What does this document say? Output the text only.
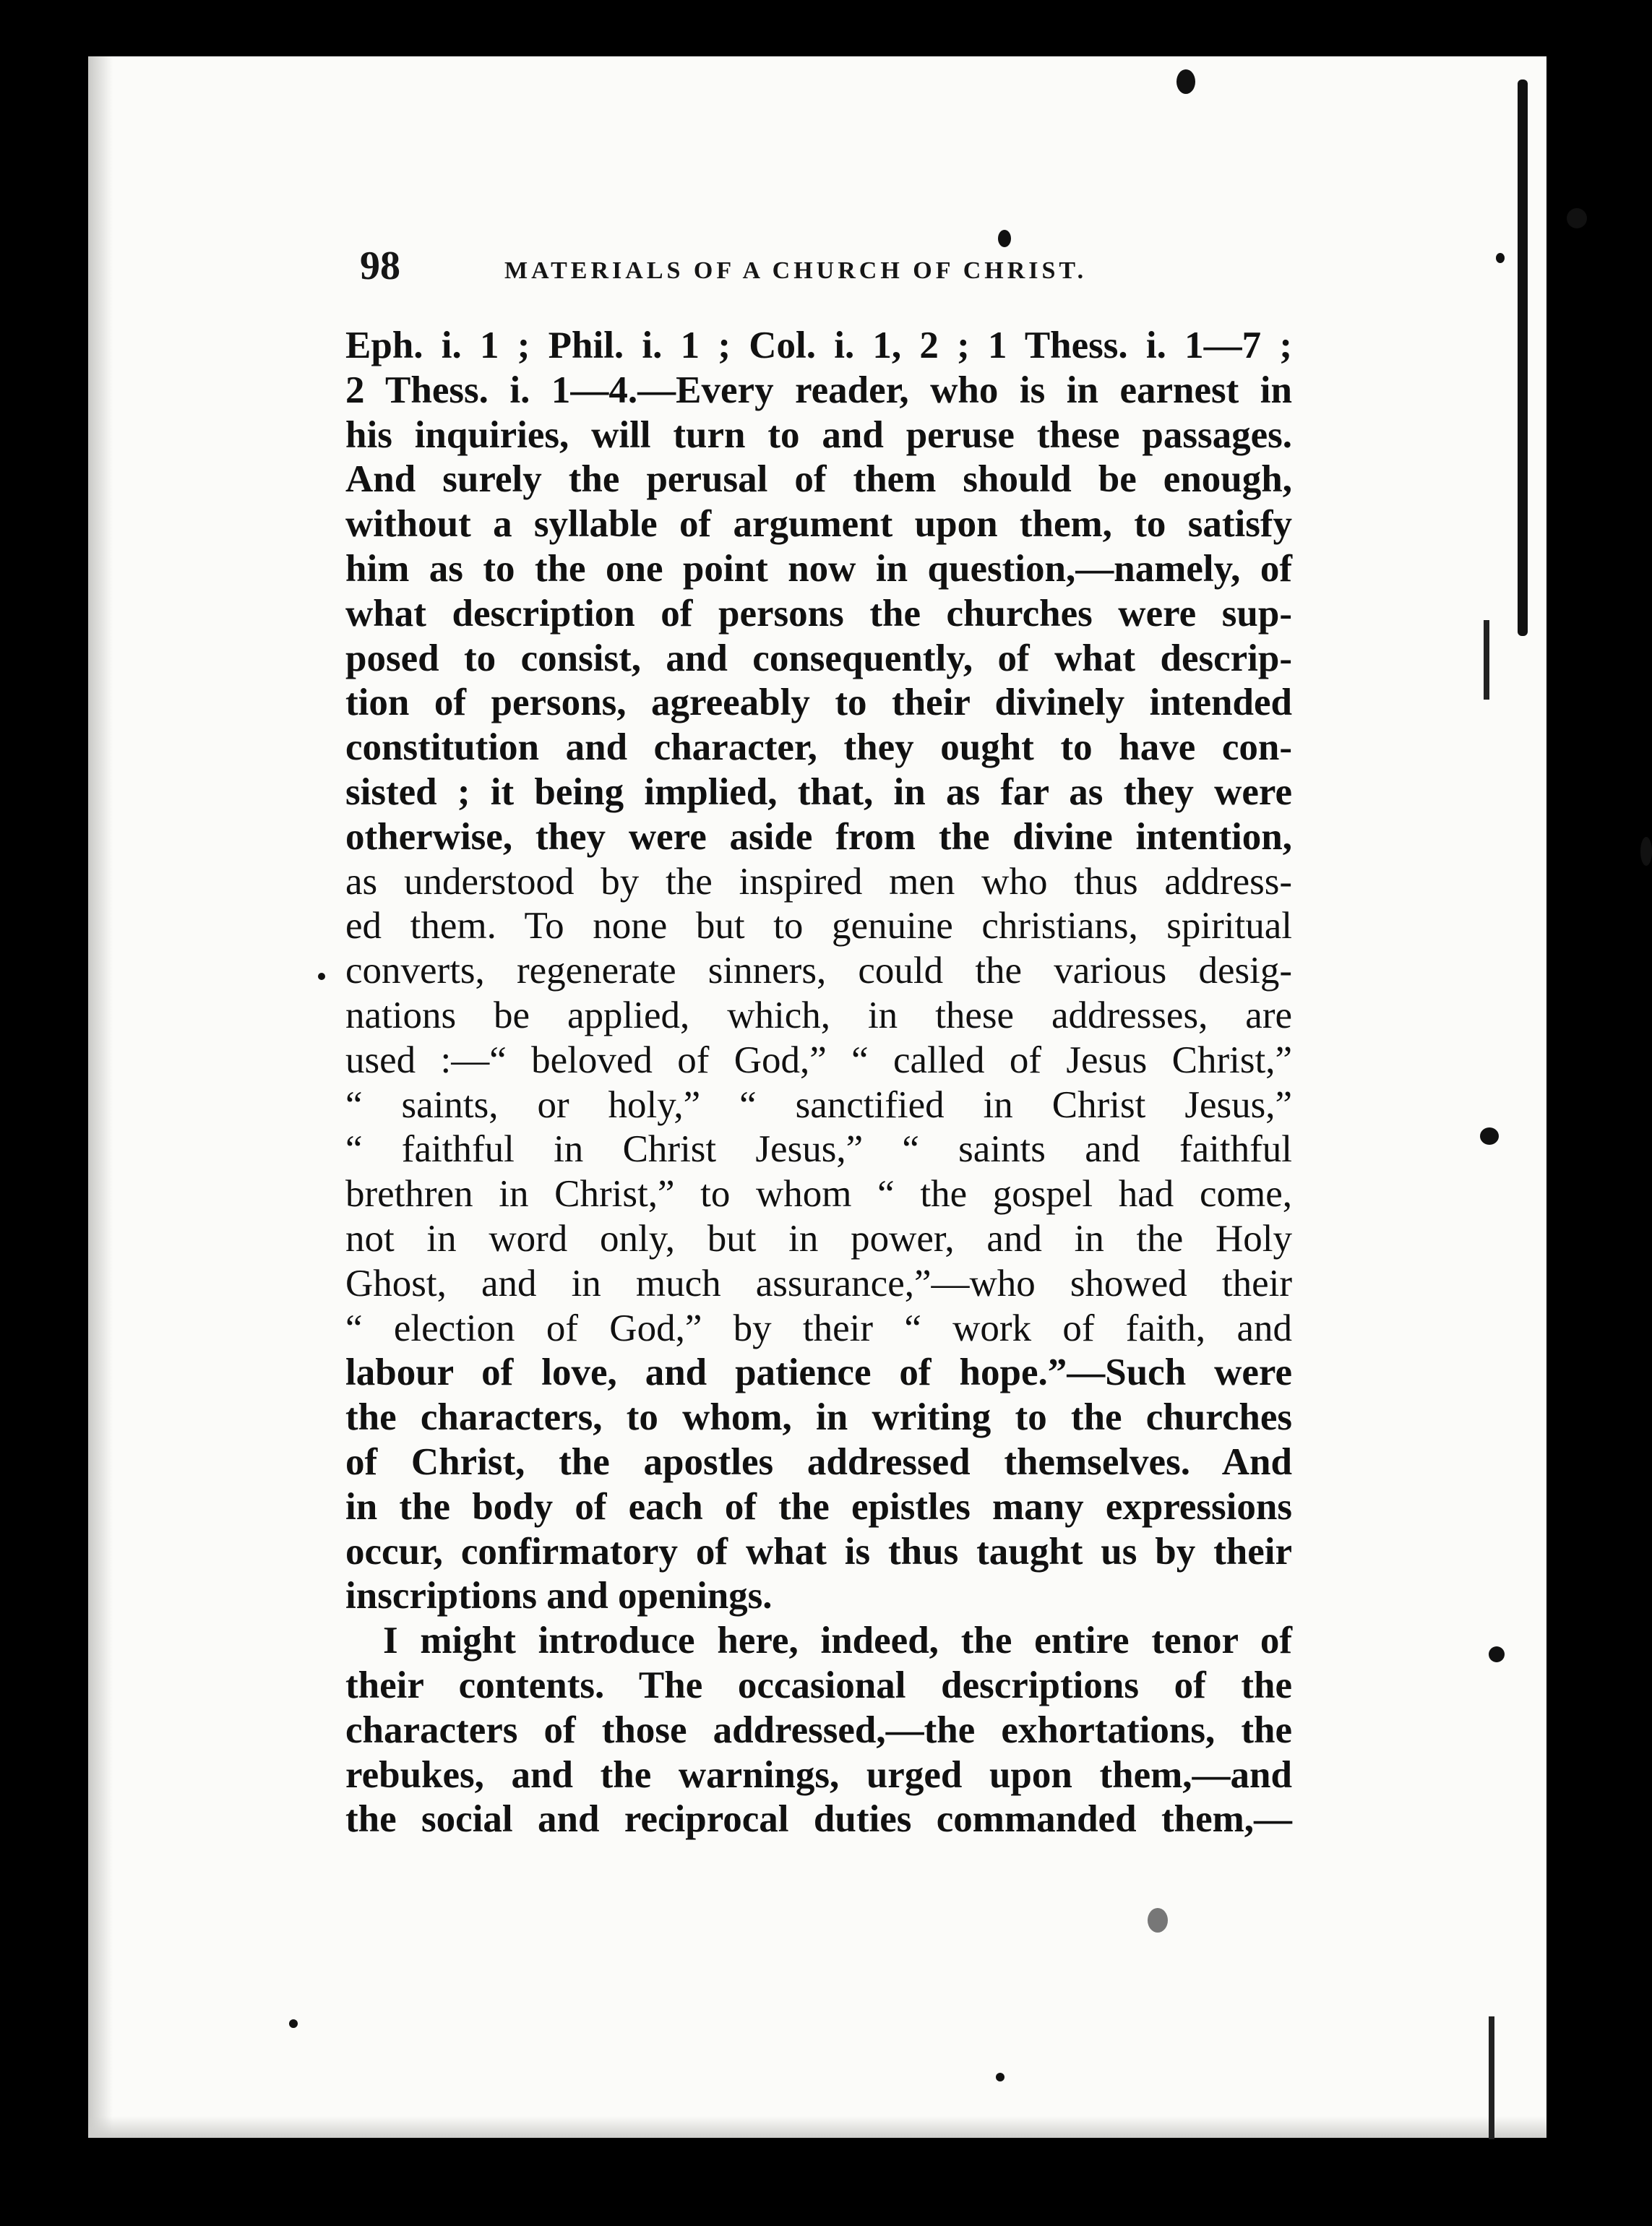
98	MATERIALS OF A CHURCH OF CHRIST.

Eph. i. 1 ; Phil. i. 1 ; Col. i. 1, 2 ; 1 Thess. i. 1—7 ;
2 Thess. i. 1—4.—Every reader, who is in earnest in
his inquiries, will turn to and peruse these passages.
And surely the perusal of them should be enough,
without a syllable of argument upon them, to satisfy
him as to the one point now in question,—namely, of
what description of persons the churches were sup-
posed to consist, and consequently, of what descrip-
tion of persons, agreeably to their divinely intended
constitution and character, they ought to have con-
sisted ; it being implied, that, in as far as they were
otherwise, they were aside from the divine intention,
as understood by the inspired men who thus address-
ed them. To none but to genuine christians, spiritual
converts, regenerate sinners, could the various desig-
nations be applied, which, in these addresses, are
used :—“ beloved of God,” “ called of Jesus Christ,”
“ saints, or holy,” “ sanctified in Christ Jesus,”
“ faithful in Christ Jesus,” “ saints and faithful
brethren in Christ,” to whom “ the gospel had come,
not in word only, but in power, and in the Holy
Ghost, and in much assurance,”—who showed their
“ election of God,” by their “ work of faith, and
labour of love, and patience of hope.”—Such were
the characters, to whom, in writing to the churches
of Christ, the apostles addressed themselves. And
in the body of each of the epistles many expressions
occur, confirmatory of what is thus taught us by their
inscriptions and openings.

I might introduce here, indeed, the entire tenor of
their contents. The occasional descriptions of the
characters of those addressed,—the exhortations, the
rebukes, and the warnings, urged upon them,—and
the social and reciprocal duties commanded them,—
